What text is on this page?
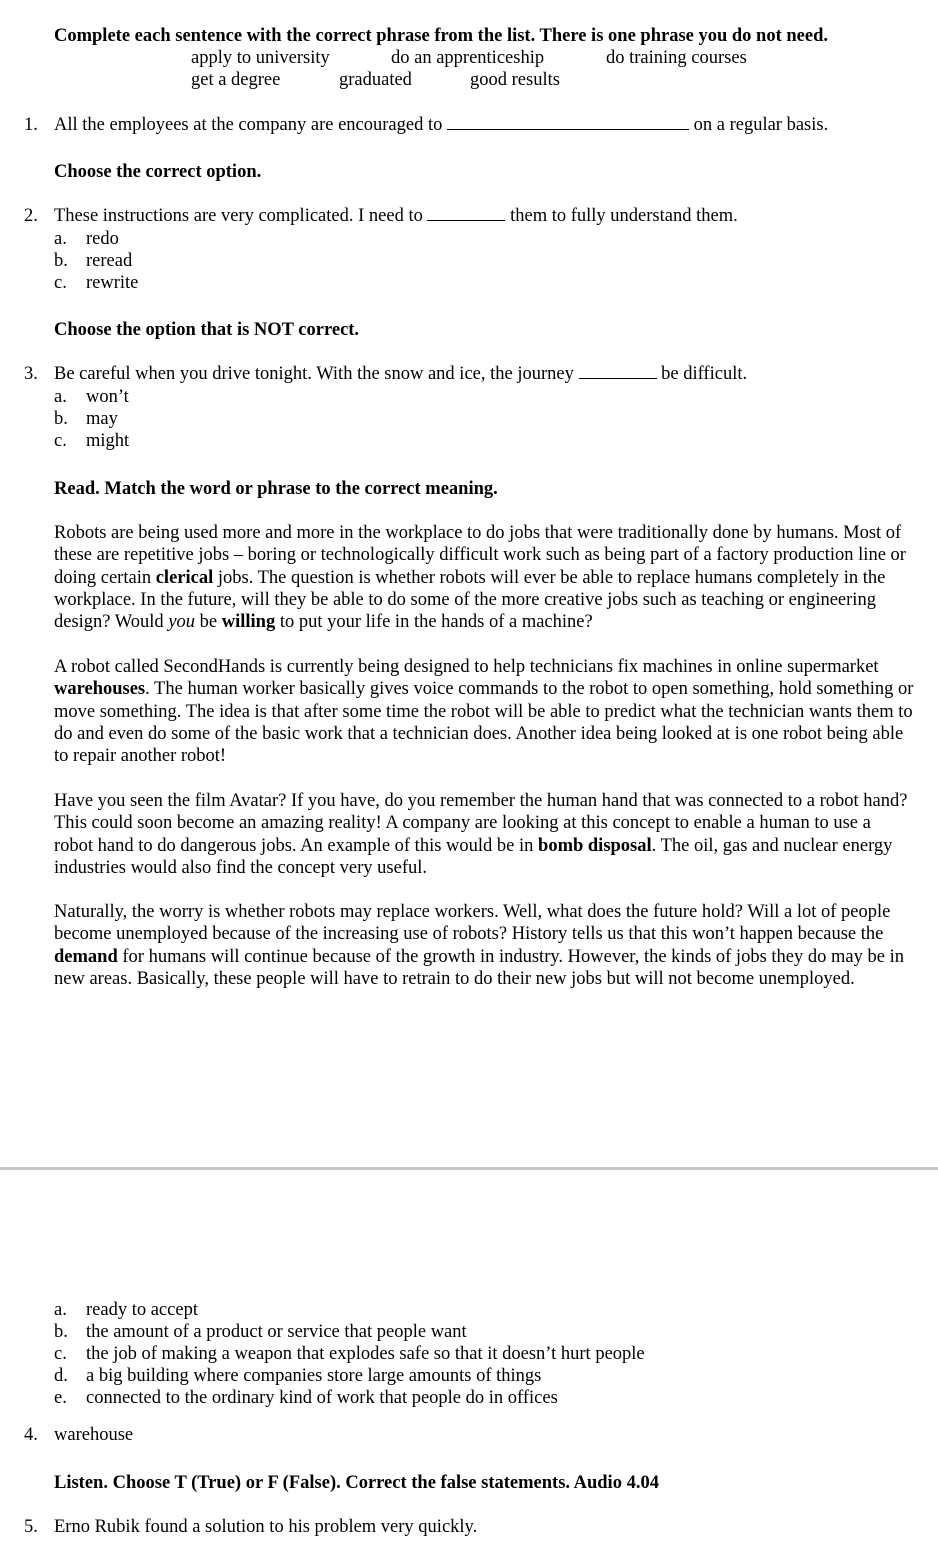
Complete each sentence with the correct phrase from the list. There is one phrase you do not need.
apply to university	do an apprenticeship	do training courses
get a degree	graduated	good results
1. All the employees at the company are encouraged to	on a regular basis.
Choose the correct option.
2. These instructions are very complicated. I need to	them to fully understand them.
a. redo
b. reread
c. rewrite
Choose the option that is NOT correct.
3. Be careful when you drive tonight. With the snow and ice, the journey	be difficult.
a. won’t
b. may
c. might
Read. Match the word or phrase to the correct meaning.

Robots are being used more and more in the workplace to do jobs that were traditionally done by humans. Most of these are repetitive jobs – boring or technologically difficult work such as being part of a factory production line or doing certain clerical jobs. The question is whether robots will ever be able to replace humans completely in the workplace. In the future, will they be able to do some of the more creative jobs such as teaching or engineering design? Would you be willing to put your life in the hands of a machine?

A robot called SecondHands is currently being designed to help technicians fix machines in online supermarket warehouses. The human worker basically gives voice commands to the robot to open something, hold something or move something. The idea is that after some time the robot will be able to predict what the technician wants them to do and even do some of the basic work that a technician does. Another idea being looked at is one robot being able to repair another robot!

Have you seen the film Avatar? If you have, do you remember the human hand that was connected to a robot hand? This could soon become an amazing reality! A company are looking at this concept to enable a human to use a robot hand to do dangerous jobs. An example of this would be in bomb disposal. The oil, gas and nuclear energy industries would also find the concept very useful.

Naturally, the worry is whether robots may replace workers. Well, what does the future hold? Will a lot of people become unemployed because of the increasing use of robots? History tells us that this won’t happen because the demand for humans will continue because of the growth in industry. However, the kinds of jobs they do may be in new areas. Basically, these people will have to retrain to do their new jobs but will not become unemployed.

a. ready to accept
b. the amount of a product or service that people want
c. the job of making a weapon that explodes safe so that it doesn’t hurt people
d. a big building where companies store large amounts of things
e. connected to the ordinary kind of work that people do in offices
4. warehouse
Listen. Choose T (True) or F (False). Correct the false statements. Audio 4.04
5. Erno Rubik found a solution to his problem very quickly.
